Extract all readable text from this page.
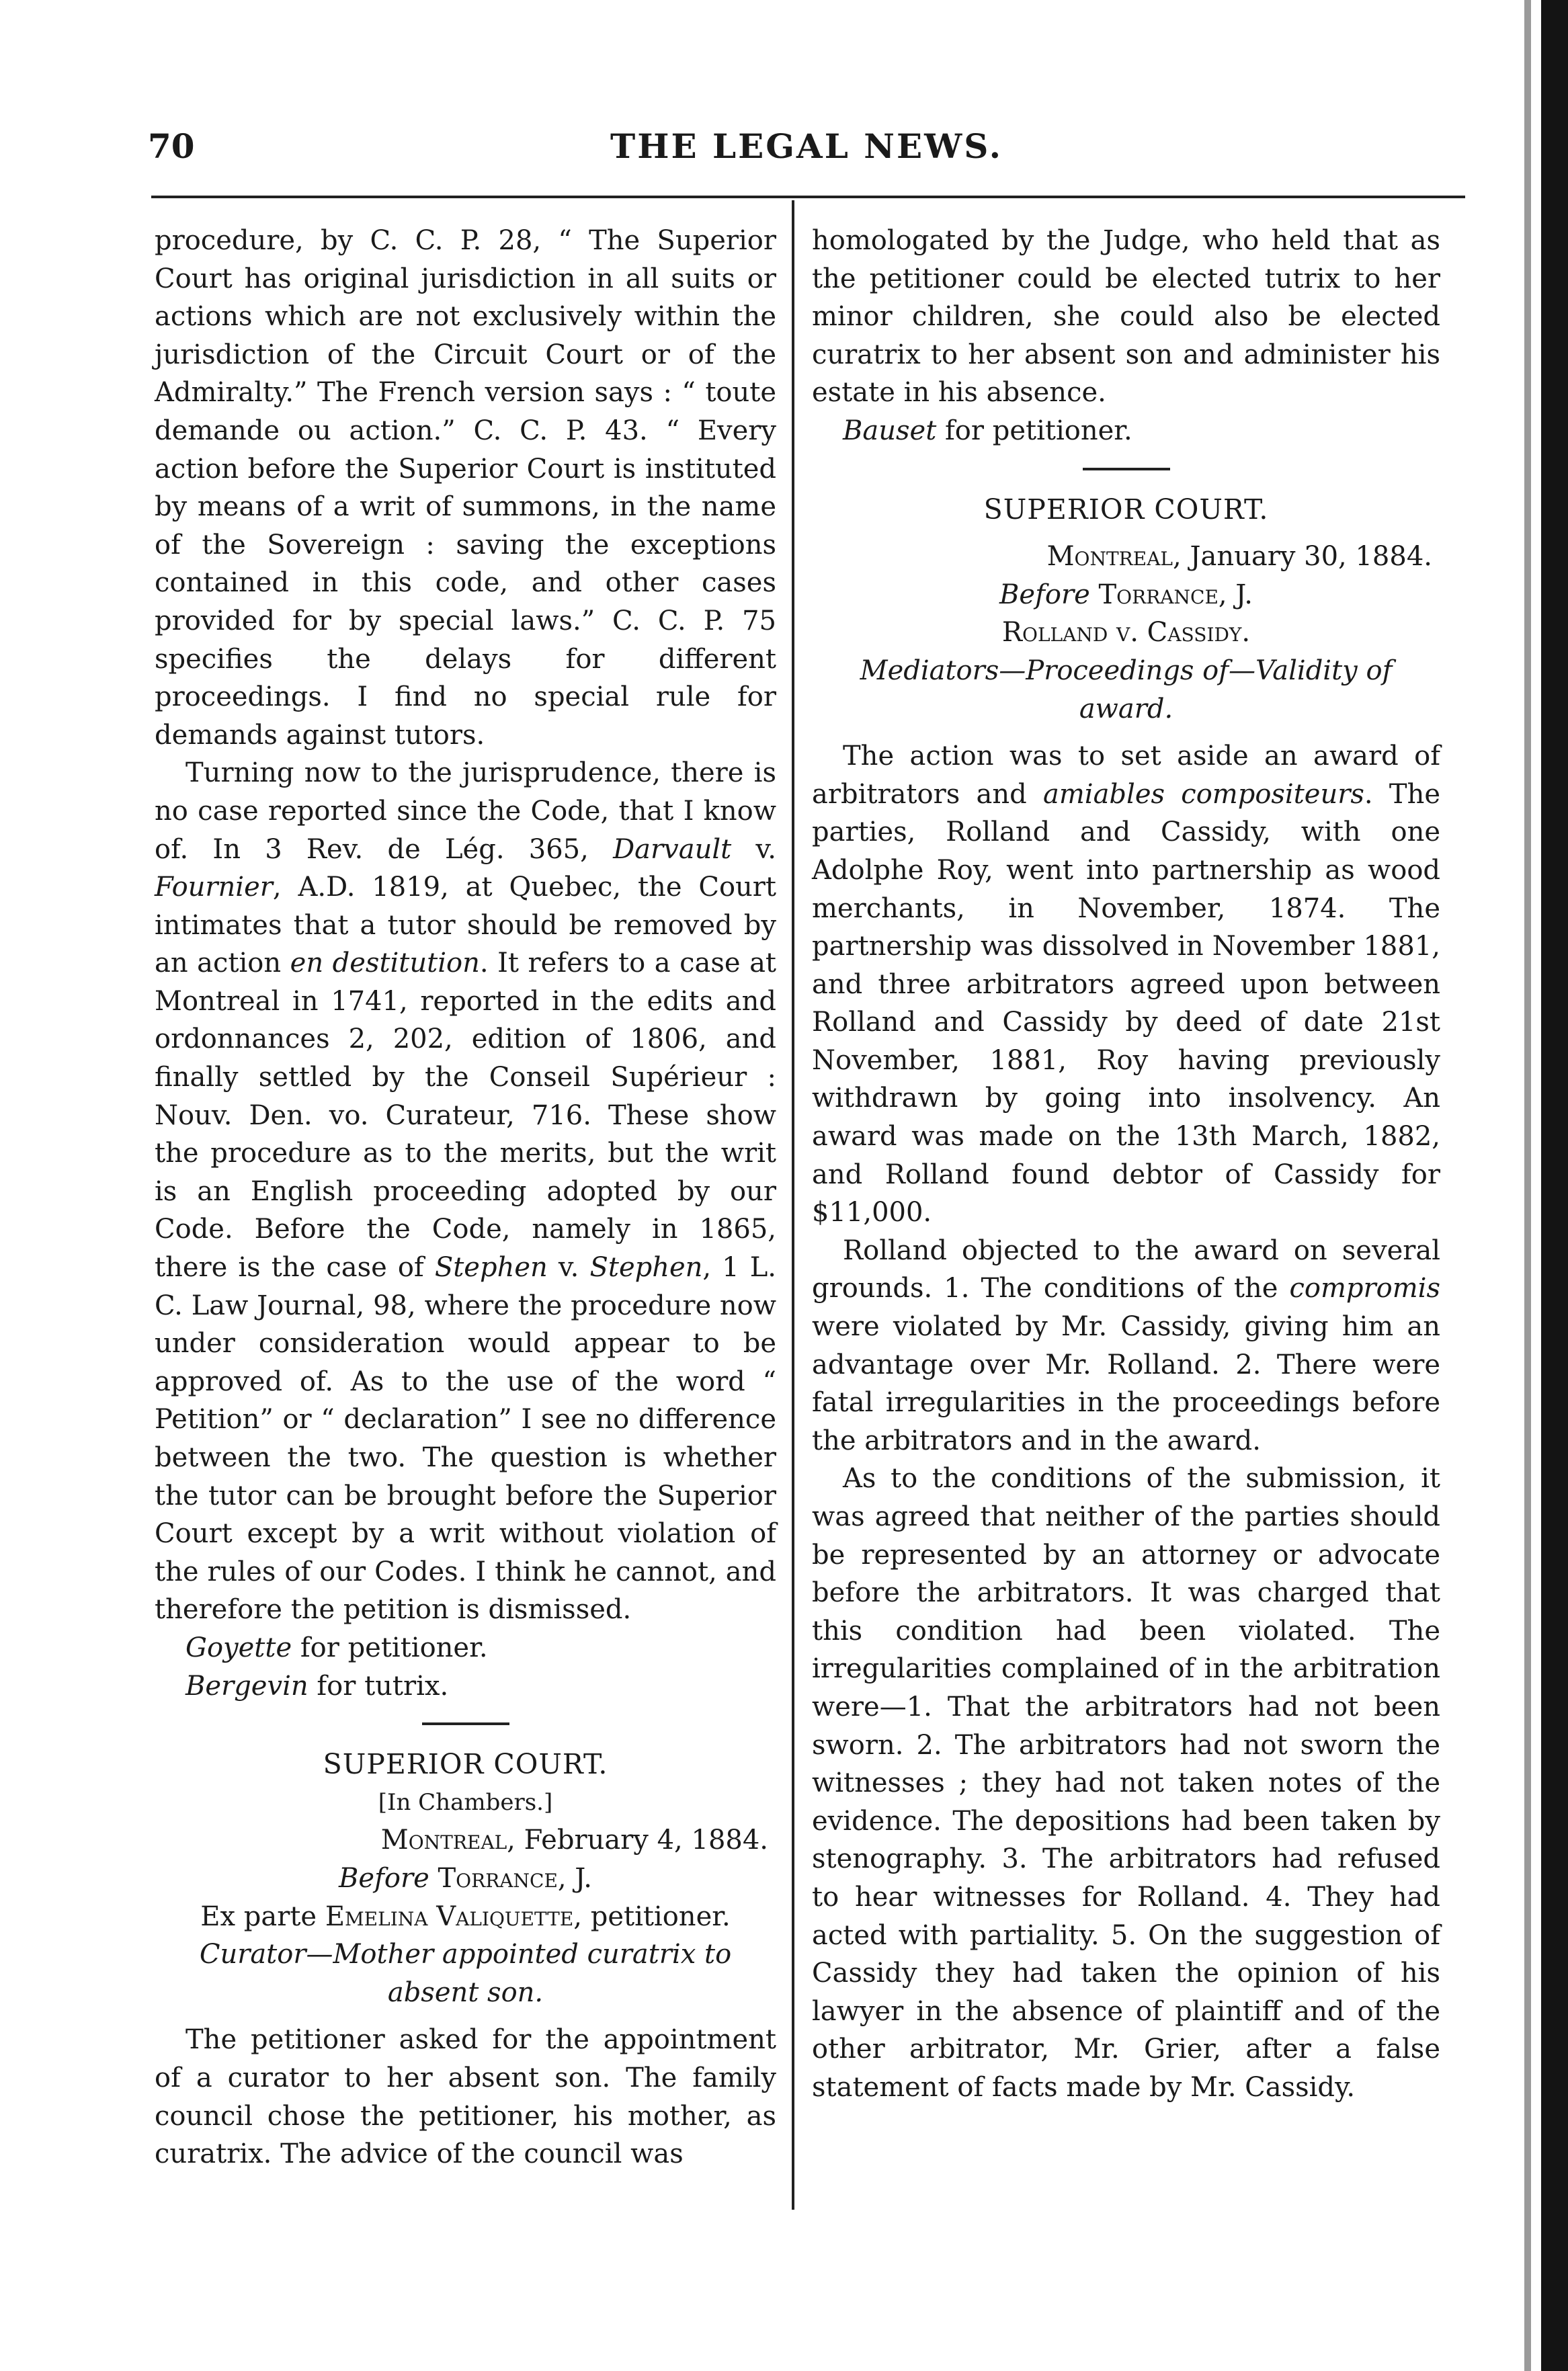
70	THE LEGAL NEWS.

procedure, by C. C. P. 28, “ The Superior Court has original jurisdiction in all suits or actions which are not exclusively within the jurisdiction of the Circuit Court or of the Admiralty.” The French version says : “ toute demande ou action.” C. C. P. 43. “ Every action before the Superior Court is instituted by means of a writ of summons, in the name of the Sovereign : saving the exceptions contained in this code, and other cases provided for by special laws.” C. C. P. 75 specifies the delays for different proceedings. I find no special rule for demands against tutors.

Turning now to the jurisprudence, there is no case reported since the Code, that I know of. In 3 Rev. de Lég. 365, Darvault v. Fournier, A.D. 1819, at Quebec, the Court intimates that a tutor should be removed by an action en destitution. It refers to a case at Montreal in 1741, reported in the edits and ordonnances 2, 202, edition of 1806, and finally settled by the Conseil Supérieur : Nouv. Den. vo. Curateur, 716. These show the procedure as to the merits, but the writ is an English proceeding adopted by our Code. Before the Code, namely in 1865, there is the case of Stephen v. Stephen, 1 L. C. Law Journal, 98, where the procedure now under consideration would appear to be approved of. As to the use of the word “ Petition” or “ declaration” I see no difference between the two. The question is whether the tutor can be brought before the Superior Court except by a writ without violation of the rules of our Codes. I think he cannot, and therefore the petition is dismissed.

Goyette for petitioner.

Bergevin for tutrix.

SUPERIOR COURT.

[In Chambers.]

Montreal, February 4, 1884.

Before Torrance, J.

Ex parte Emelina Valiquette, petitioner.

Curator—Mother appointed curatrix to absent son.

The petitioner asked for the appointment of a curator to her absent son. The family council chose the petitioner, his mother, as curatrix. The advice of the council was

homologated by the Judge, who held that as the petitioner could be elected tutrix to her minor children, she could also be elected curatrix to her absent son and administer his estate in his absence.

Bauset for petitioner.

SUPERIOR COURT.

Montreal, January 30, 1884.

Before Torrance, J.

Rolland v. Cassidy.

Mediators—Proceedings of—Validity of award.

The action was to set aside an award of arbitrators and amiables compositeurs. The parties, Rolland and Cassidy, with one Adolphe Roy, went into partnership as wood merchants, in November, 1874. The partnership was dissolved in November 1881, and three arbitrators agreed upon between Rolland and Cassidy by deed of date 21st November, 1881, Roy having previously withdrawn by going into insolvency. An award was made on the 13th March, 1882, and Rolland found debtor of Cassidy for $11,000.

Rolland objected to the award on several grounds. 1. The conditions of the compromis were violated by Mr. Cassidy, giving him an advantage over Mr. Rolland. 2. There were fatal irregularities in the proceedings before the arbitrators and in the award.

As to the conditions of the submission, it was agreed that neither of the parties should be represented by an attorney or advocate before the arbitrators. It was charged that this condition had been violated. The irregularities complained of in the arbitration were—1. That the arbitrators had not been sworn. 2. The arbitrators had not sworn the witnesses ; they had not taken notes of the evidence. The depositions had been taken by stenography. 3. The arbitrators had refused to hear witnesses for Rolland. 4. They had acted with partiality. 5. On the suggestion of Cassidy they had taken the opinion of his lawyer in the absence of plaintiff and of the other arbitrator, Mr. Grier, after a false statement of facts made by Mr. Cassidy.
